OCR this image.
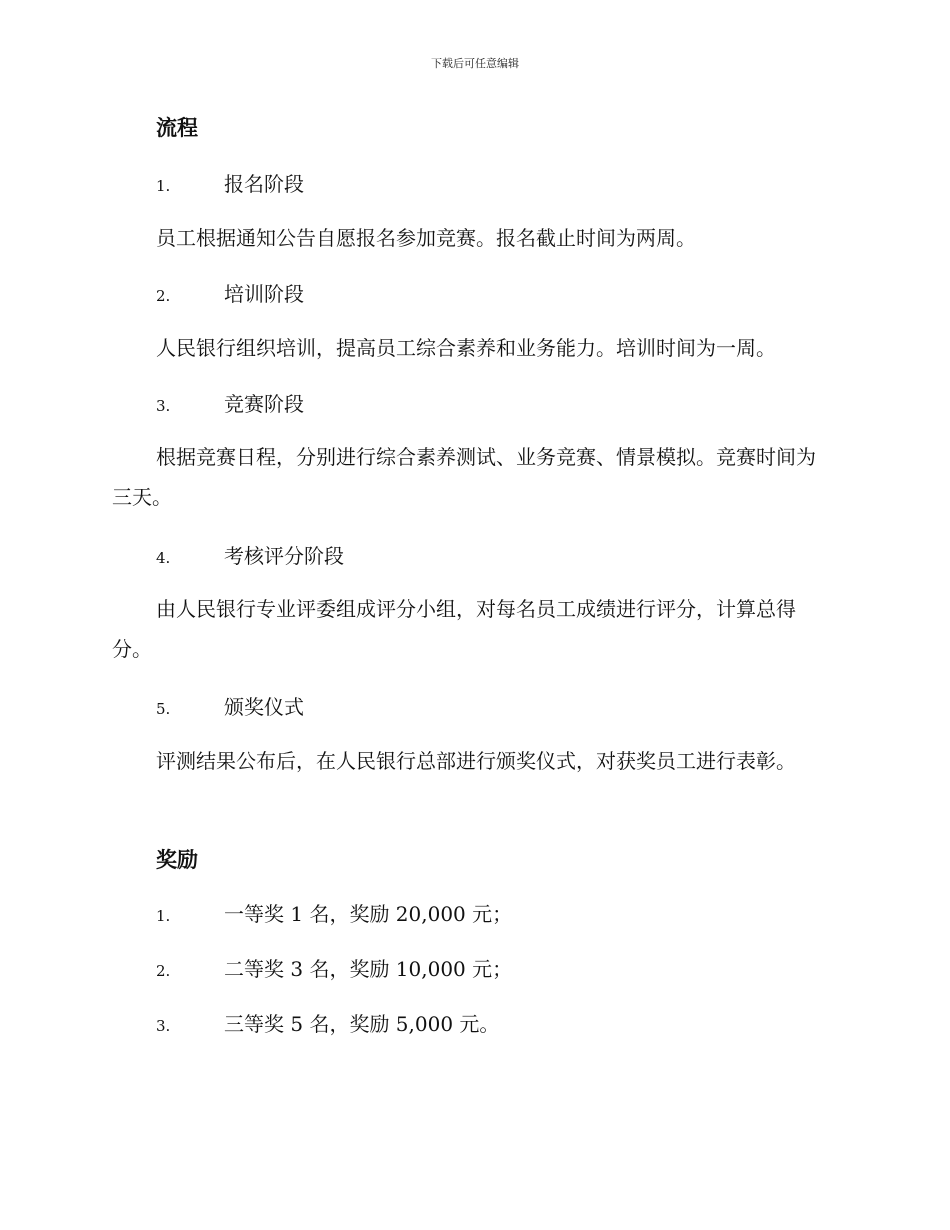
下载后可任意编辑
流程
1.	报名阶段
员工根据通知公告自愿报名参加竞赛。报名截止时间为两周。
2.	培训阶段
人民银行组织培训，提高员工综合素养和业务能力。培训时间为一周。
3.	竞赛阶段
根据竞赛日程，分别进行综合素养测试、业务竞赛、情景模拟。竞赛时间为三天。
4.	考核评分阶段
由人民银行专业评委组成评分小组，对每名员工成绩进行评分，计算总得分。
5.	颁奖仪式
评测结果公布后，在人民银行总部进行颁奖仪式，对获奖员工进行表彰。
奖励
1.	一等奖 1 名，奖励 20,000 元；
2.	二等奖 3 名，奖励 10,000 元；
3.	三等奖 5 名，奖励 5,000 元。
